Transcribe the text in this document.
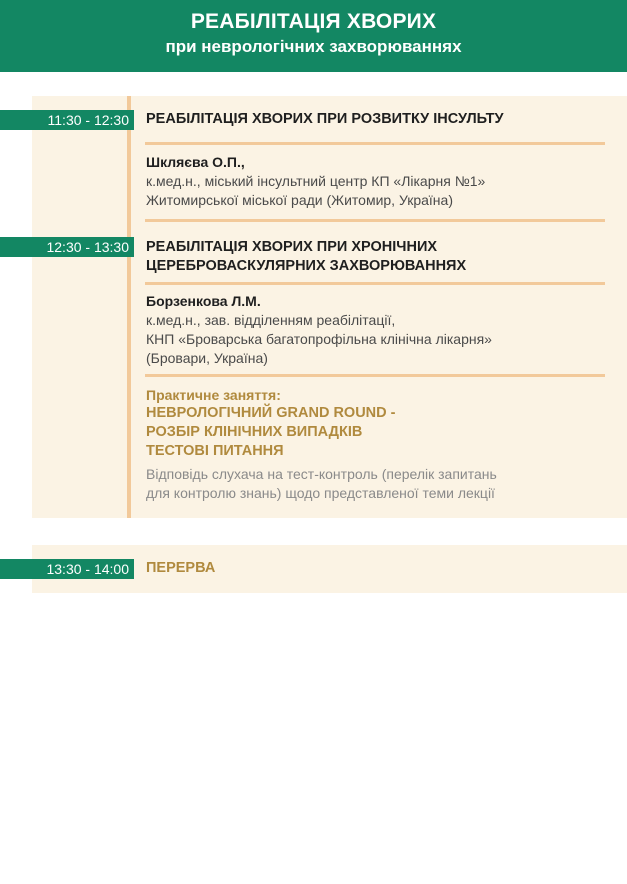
РЕАБІЛІТАЦІЯ ХВОРИХ
при неврологічних захворюваннях
11:30 - 12:30	РЕАБІЛІТАЦІЯ ХВОРИХ ПРИ РОЗВИТКУ ІНСУЛЬТУ
Шкляєва О.П.,
к.мед.н., міський інсультний центр КП «Лікарня №1»
Житомирської міської ради (Житомир, Україна)
12:30 - 13:30	РЕАБІЛІТАЦІЯ ХВОРИХ ПРИ ХРОНІЧНИХ
ЦЕРЕБРОВАСКУЛЯРНИХ ЗАХВОРЮВАННЯХ
Борзенкова Л.М.
к.мед.н., зав. відділенням реабілітації,
КНП «Броварська багатопрофільна клінічна лікарня»
(Бровари, Україна)
Практичне заняття:
НЕВРОЛОГІЧНИЙ GRAND ROUND -
РОЗБІР КЛІНІЧНИХ ВИПАДКІВ
ТЕСТОВІ ПИТАННЯ
Відповідь слухача на тест-контроль (перелік запитань
для контролю знань) щодо представленої теми лекції
13:30 - 14:00	ПЕРЕРВА
